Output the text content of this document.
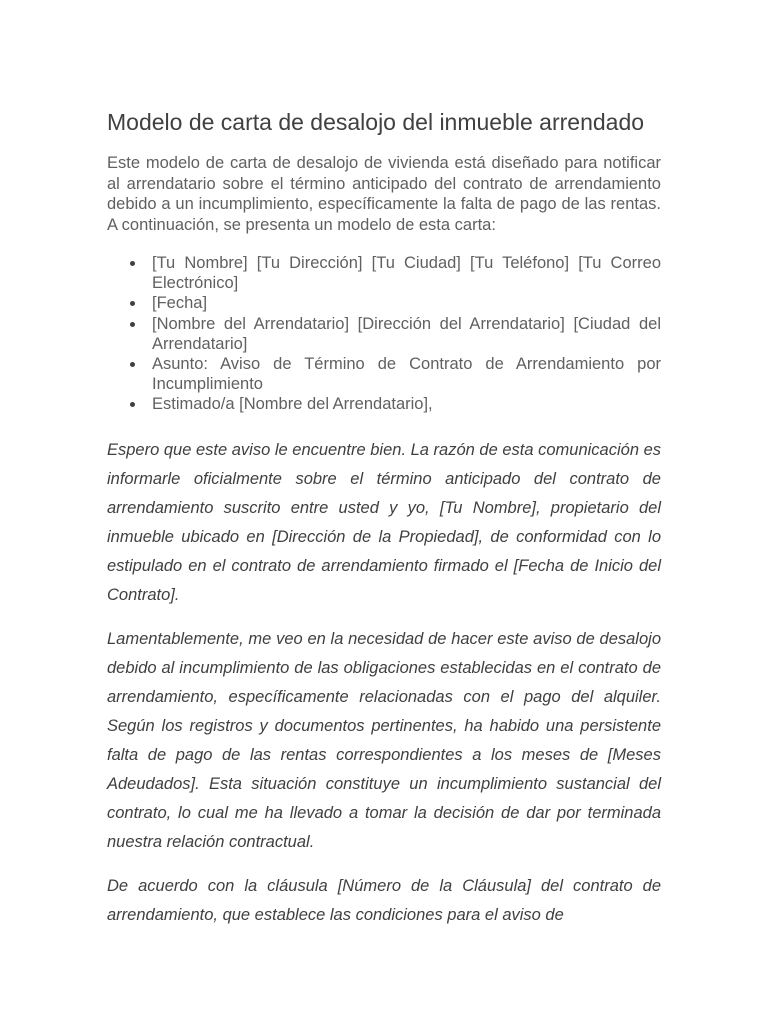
Modelo de carta de desalojo del inmueble arrendado

Este modelo de carta de desalojo de vivienda está diseñado para notificar al arrendatario sobre el término anticipado del contrato de arrendamiento debido a un incumplimiento, específicamente la falta de pago de las rentas. A continuación, se presenta un modelo de esta carta:

[Tu Nombre] [Tu Dirección] [Tu Ciudad] [Tu Teléfono] [Tu Correo Electrónico]
[Fecha]
[Nombre del Arrendatario] [Dirección del Arrendatario] [Ciudad del Arrendatario]
Asunto: Aviso de Término de Contrato de Arrendamiento por Incumplimiento
Estimado/a [Nombre del Arrendatario],

Espero que este aviso le encuentre bien. La razón de esta comunicación es informarle oficialmente sobre el término anticipado del contrato de arrendamiento suscrito entre usted y yo, [Tu Nombre], propietario del inmueble ubicado en [Dirección de la Propiedad], de conformidad con lo estipulado en el contrato de arrendamiento firmado el [Fecha de Inicio del Contrato].

Lamentablemente, me veo en la necesidad de hacer este aviso de desalojo debido al incumplimiento de las obligaciones establecidas en el contrato de arrendamiento, específicamente relacionadas con el pago del alquiler. Según los registros y documentos pertinentes, ha habido una persistente falta de pago de las rentas correspondientes a los meses de [Meses Adeudados]. Esta situación constituye un incumplimiento sustancial del contrato, lo cual me ha llevado a tomar la decisión de dar por terminada nuestra relación contractual.

De acuerdo con la cláusula [Número de la Cláusula] del contrato de arrendamiento, que establece las condiciones para el aviso de
